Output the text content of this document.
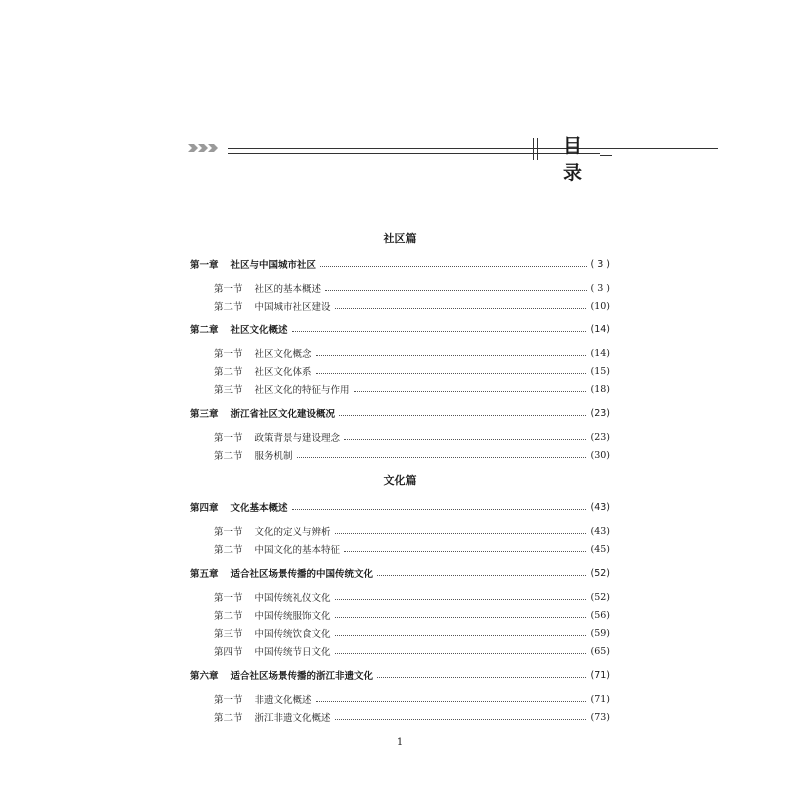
目 录
社区篇
第一章 社区与中国城市社区	( 3 )
第一节 社区的基本概述	( 3 )
第二节 中国城市社区建设	(10)
第二章 社区文化概述	(14)
第一节 社区文化概念	(14)
第二节 社区文化体系	(15)
第三节 社区文化的特征与作用	(18)
第三章 浙江省社区文化建设概况	(23)
第一节 政策背景与建设理念	(23)
第二节 服务机制	(30)
文化篇
第四章 文化基本概述	(43)
第一节 文化的定义与辨析	(43)
第二节 中国文化的基本特征	(45)
第五章 适合社区场景传播的中国传统文化	(52)
第一节 中国传统礼仪文化	(52)
第二节 中国传统服饰文化	(56)
第三节 中国传统饮食文化	(59)
第四节 中国传统节日文化	(65)
第六章 适合社区场景传播的浙江非遗文化	(71)
第一节 非遗文化概述	(71)
第二节 浙江非遗文化概述	(73)
1
